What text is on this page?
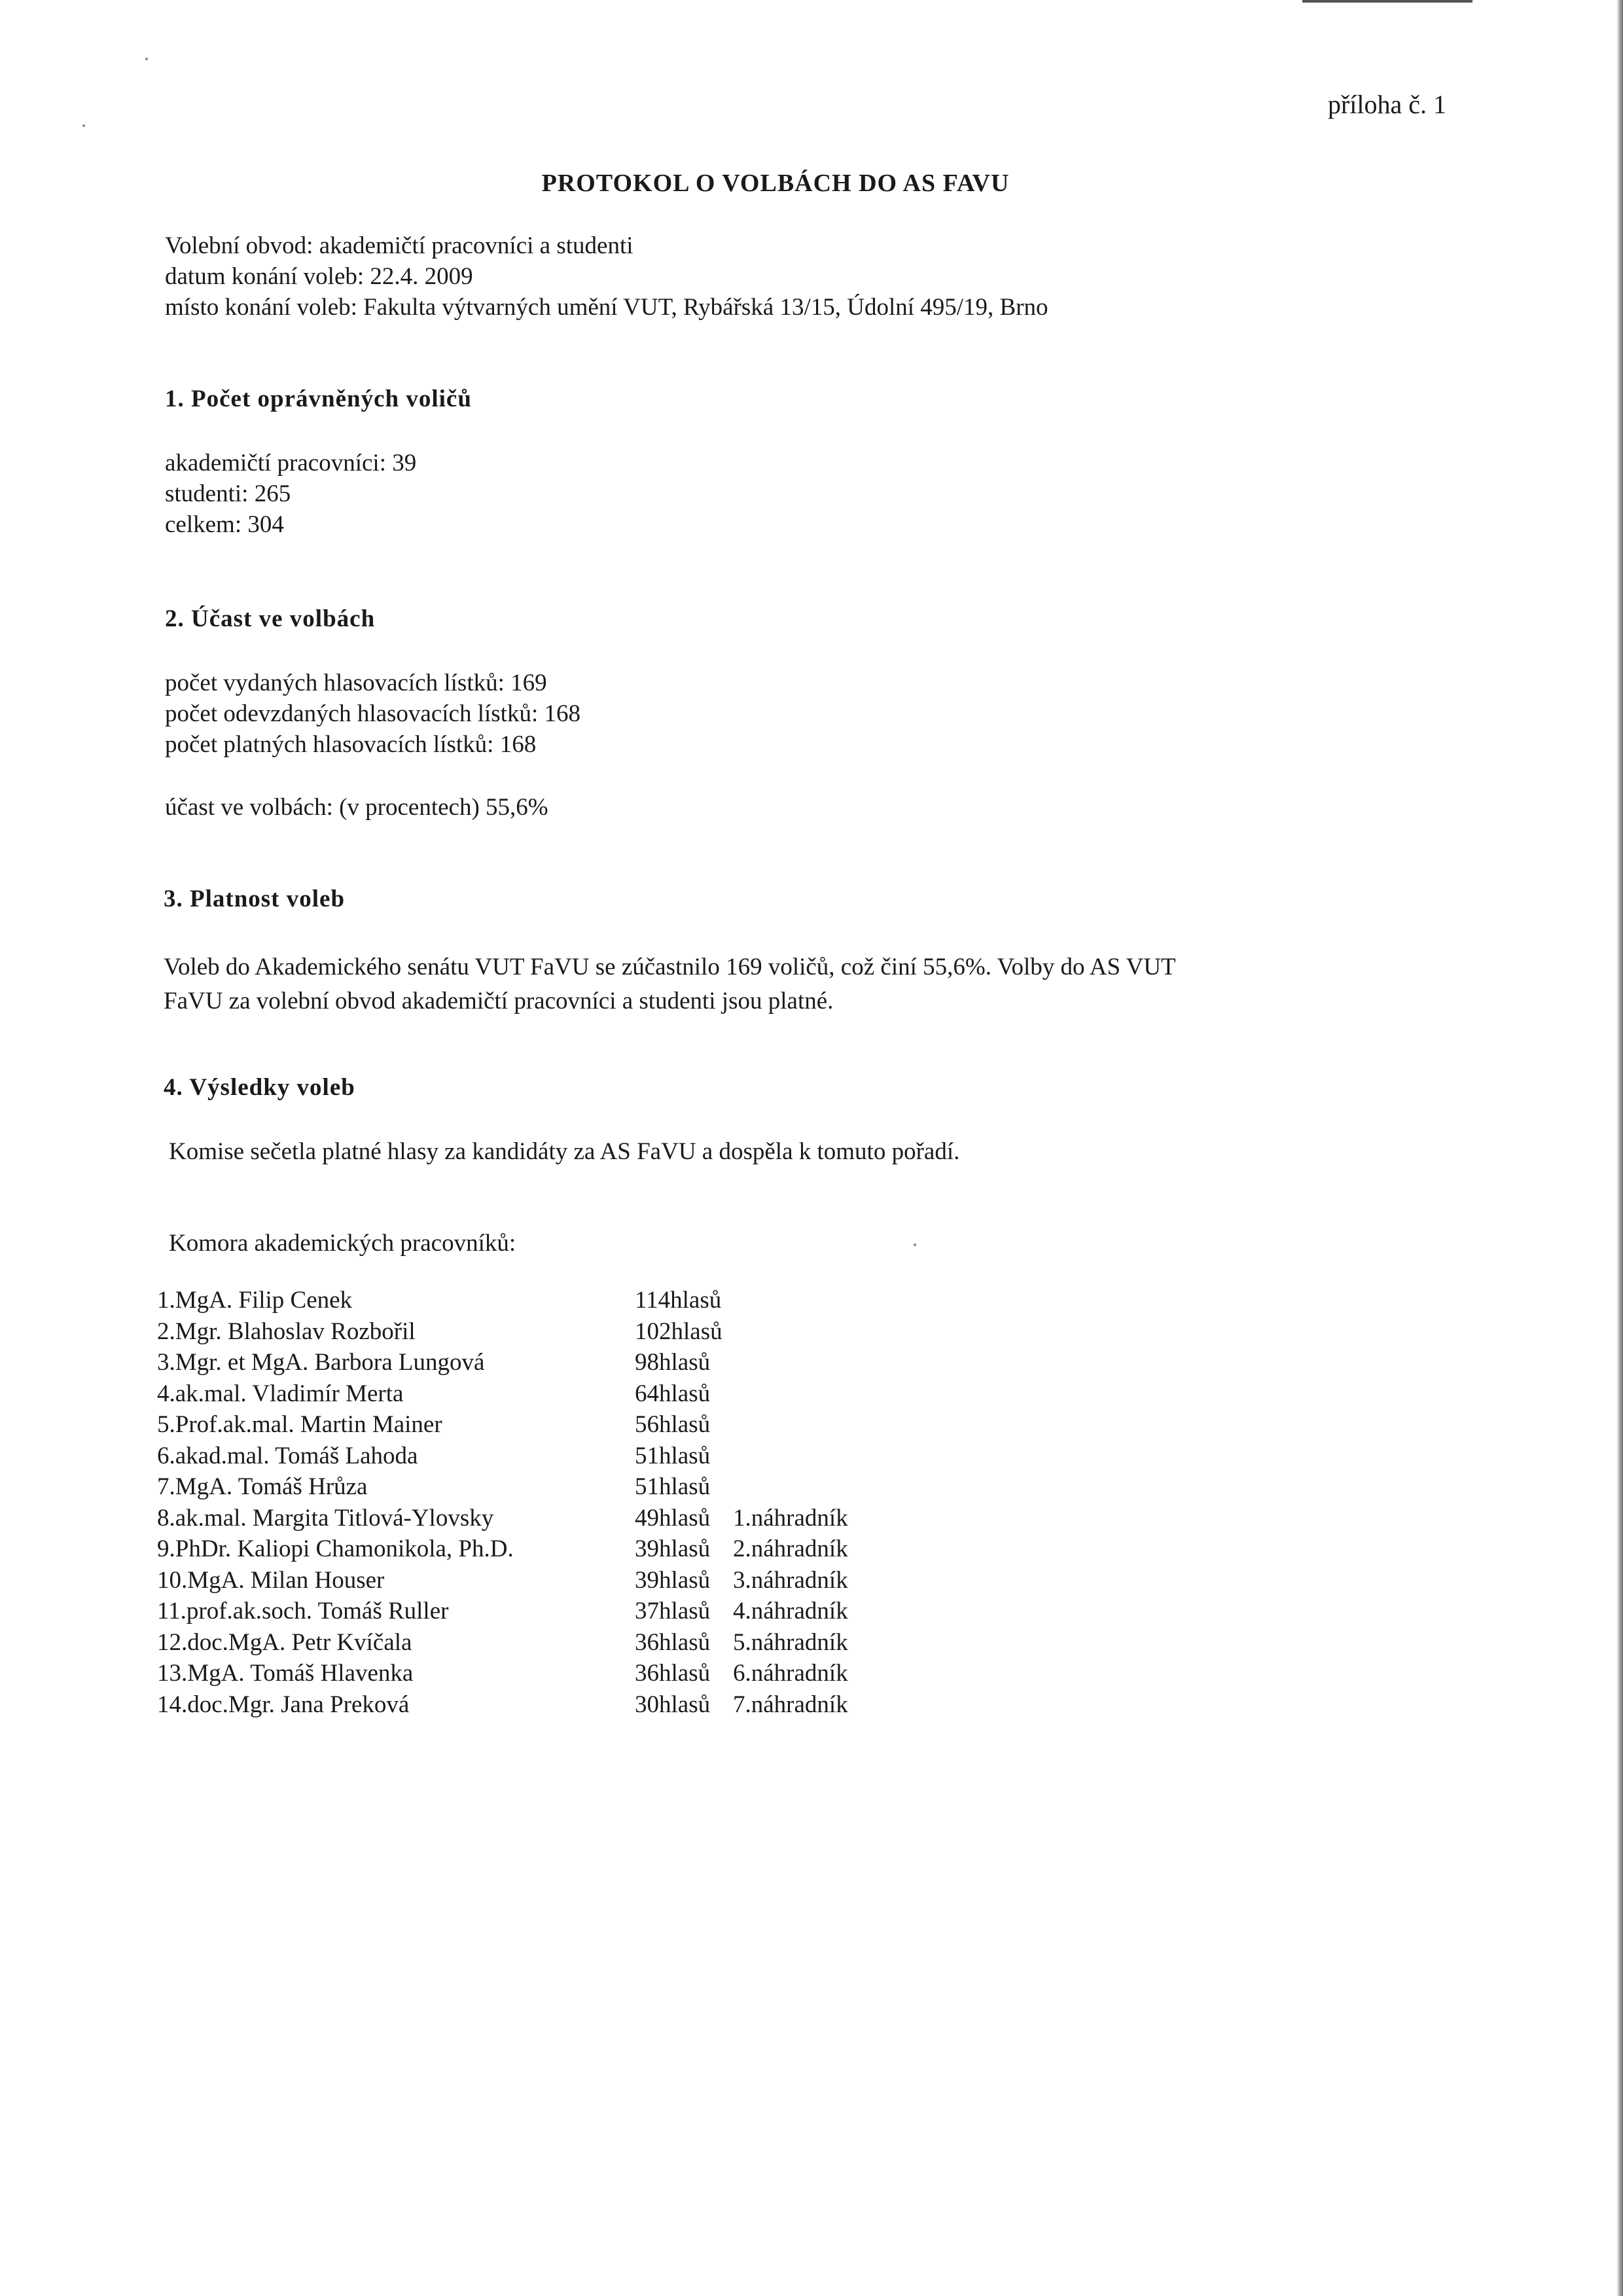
příloha č. 1
PROTOKOL O VOLBÁCH DO AS FAVU
Volební obvod: akademičtí pracovníci a studenti
datum konání voleb: 22.4. 2009
místo konání voleb: Fakulta výtvarných umění VUT, Rybářská 13/15, Údolní 495/19, Brno
1. Počet oprávněných voličů
akademičtí pracovníci: 39
studenti: 265
celkem: 304
2. Účast ve volbách
počet vydaných hlasovacích lístků: 169
počet odevzdaných hlasovacích lístků: 168
počet platných hlasovacích lístků: 168
účast ve volbách: (v procentech) 55,6%
3. Platnost voleb
Voleb do Akademického senátu VUT FaVU se zúčastnilo 169 voličů, což činí 55,6%. Volby do AS VUT
FaVU za volební obvod akademičtí pracovníci a studenti jsou platné.
4. Výsledky voleb
Komise sečetla platné hlasy za kandidáty za AS FaVU a dospěla k tomuto pořadí.
Komora akademických pracovníků:
1.MgA. Filip Cenek	114hlasů
2.Mgr. Blahoslav Rozbořil	102hlasů
3.Mgr. et MgA. Barbora Lungová	98hlasů
4.ak.mal. Vladimír Merta	64hlasů
5.Prof.ak.mal. Martin Mainer	56hlasů
6.akad.mal. Tomáš Lahoda	51hlasů
7.MgA. Tomáš Hrůza	51hlasů
8.ak.mal. Margita Titlová-Ylovsky	49hlasů 1.náhradník
9.PhDr. Kaliopi Chamonikola, Ph.D.	39hlasů 2.náhradník
10.MgA. Milan Houser	39hlasů 3.náhradník
11.prof.ak.soch. Tomáš Ruller	37hlasů 4.náhradník
12.doc.MgA. Petr Kvíčala	36hlasů 5.náhradník
13.MgA. Tomáš Hlavenka	36hlasů 6.náhradník
14.doc.Mgr. Jana Preková	30hlasů 7.náhradník
